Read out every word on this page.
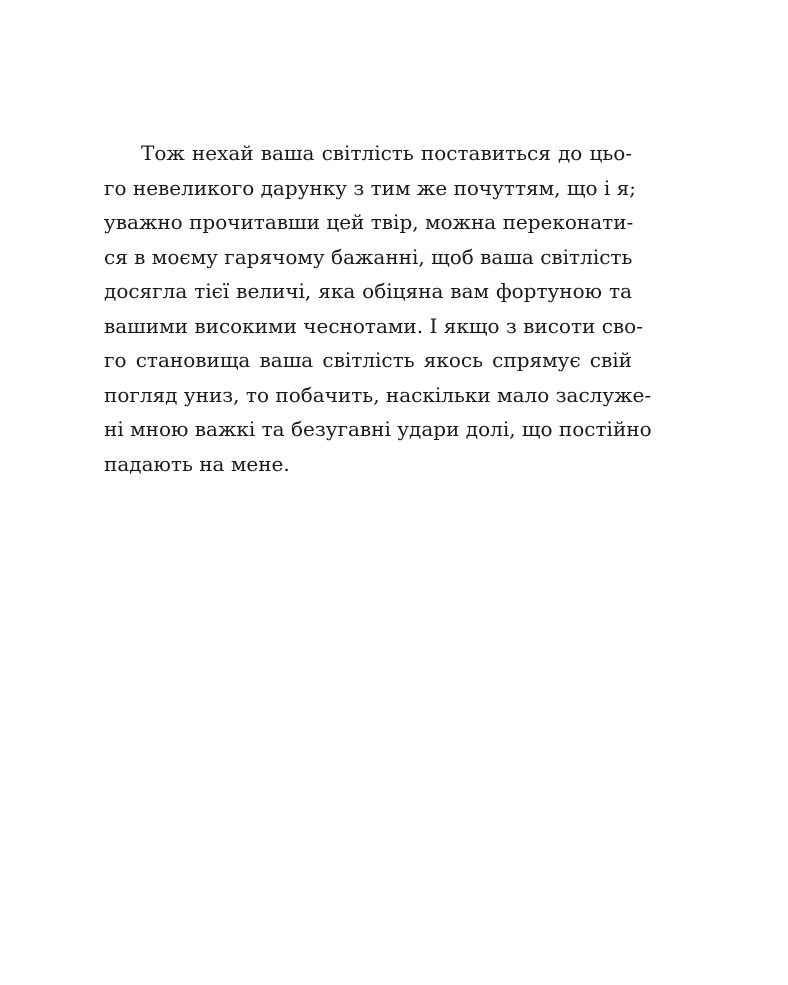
Тож нехай ваша світлість поставиться до цьо-
го невеликого дарунку з тим же почуттям, що і я;
уважно прочитавши цей твір, можна переконати-
ся в моєму гарячому бажанні, щоб ваша світлість
досягла тієї величі, яка обіцяна вам фортуною та
вашими високими чеснотами. І якщо з висоти сво-
го становища ваша світлість якось спрямує свій
погляд униз, то побачить, наскільки мало заслуже-
ні мною важкі та безугавні удари долі, що постійно
падають на мене.
